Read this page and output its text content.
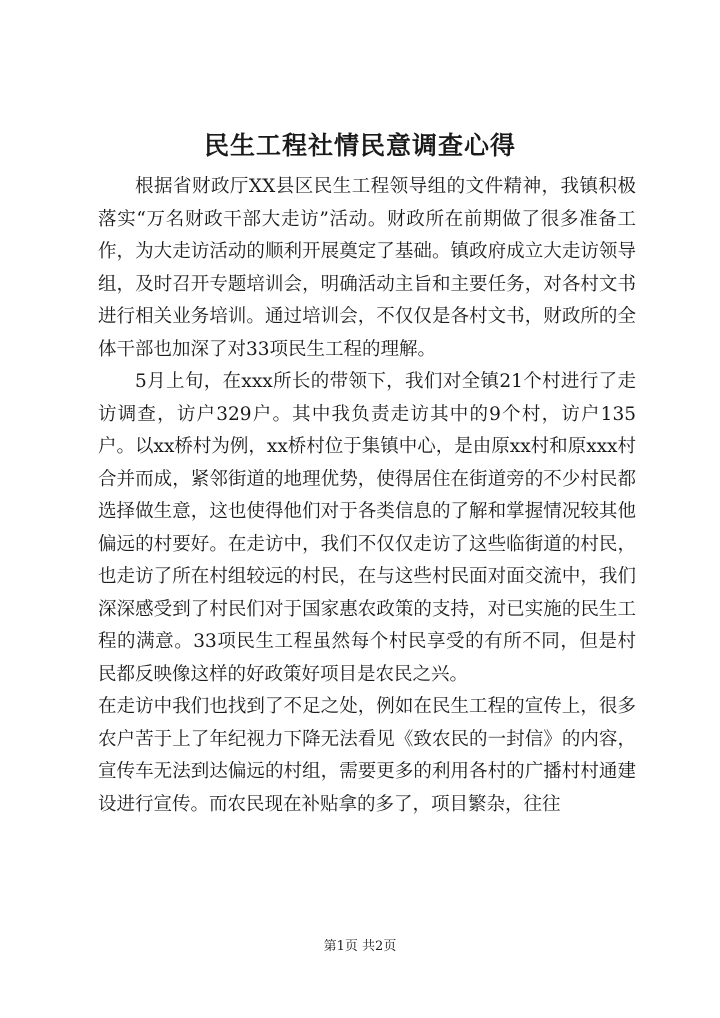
民生工程社情民意调查心得

根据省财政厅XX县区民生工程领导组的文件精神，我镇积极落实“万名财政干部大走访”活动。财政所在前期做了很多准备工作，为大走访活动的顺利开展奠定了基础。镇政府成立大走访领导组，及时召开专题培训会，明确活动主旨和主要任务，对各村文书进行相关业务培训。通过培训会，不仅仅是各村文书，财政所的全体干部也加深了对33项民生工程的理解。

5月上旬，在xxx所长的带领下，我们对全镇21个村进行了走访调查，访户329户。其中我负责走访其中的9个村，访户135户。以xx桥村为例，xx桥村位于集镇中心，是由原xx村和原xxx村合并而成，紧邻街道的地理优势，使得居住在街道旁的不少村民都选择做生意，这也使得他们对于各类信息的了解和掌握情况较其他偏远的村要好。在走访中，我们不仅仅走访了这些临街道的村民，也走访了所在村组较远的村民，在与这些村民面对面交流中，我们深深感受到了村民们对于国家惠农政策的支持，对已实施的民生工程的满意。33项民生工程虽然每个村民享受的有所不同，但是村民都反映像这样的好政策好项目是农民之兴。

在走访中我们也找到了不足之处，例如在民生工程的宣传上，很多农户苦于上了年纪视力下降无法看见《致农民的一封信》的内容，宣传车无法到达偏远的村组，需要更多的利用各村的广播村村通建设进行宣传。而农民现在补贴拿的多了，项目繁杂，往往

第1页 共2页
